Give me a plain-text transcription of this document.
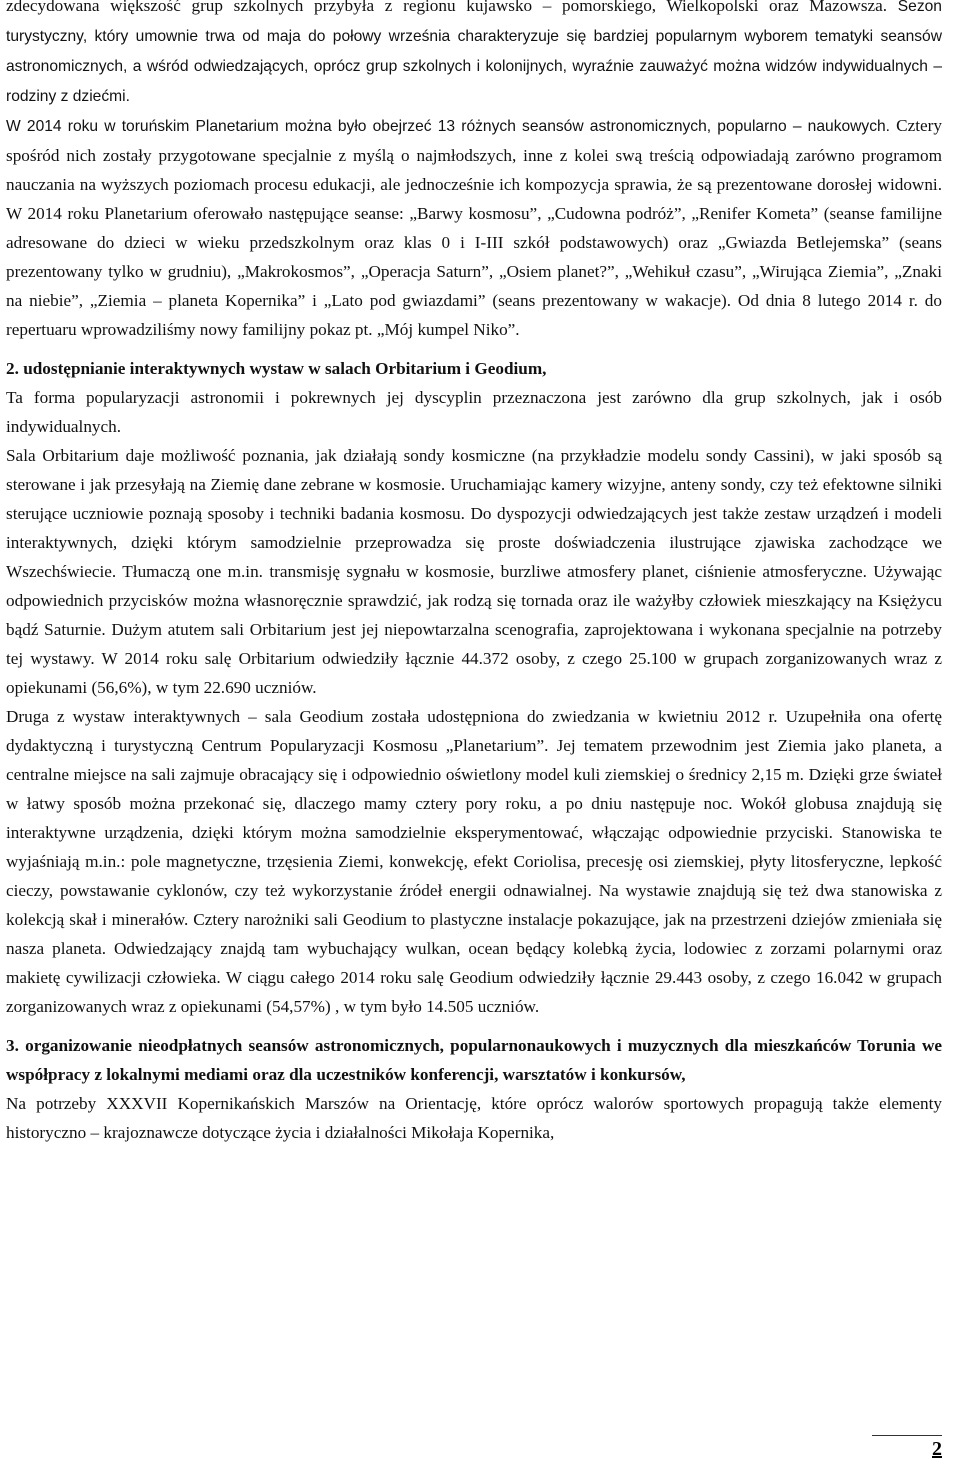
zdecydowana większość grup szkolnych przybyła z regionu kujawsko – pomorskiego, Wielkopolski oraz Mazowsza. Sezon turystyczny, który umownie trwa od maja do połowy września charakteryzuje się bardziej popularnym wyborem tematyki seansów astronomicznych, a wśród odwiedzających, oprócz grup szkolnych i kolonijnych, wyraźnie zauważyć można widzów indywidualnych – rodziny z dziećmi.

W 2014 roku w toruńskim Planetarium można było obejrzeć 13 różnych seansów astronomicznych, popularno – naukowych. Cztery spośród nich zostały przygotowane specjalnie z myślą o najmłodszych, inne z kolei swą treścią odpowiadają zarówno programom nauczania na wyższych poziomach procesu edukacji, ale jednocześnie ich kompozycja sprawia, że są prezentowane dorosłej widowni. W 2014 roku Planetarium oferowało następujące seanse: „Barwy kosmosu”, „Cudowna podróż”, „Renifer Kometa” (seanse familijne adresowane do dzieci w wieku przedszkolnym oraz klas 0 i I-III szkół podstawowych) oraz „Gwiazda Betlejemska” (seans prezentowany tylko w grudniu), „Makrokosmos”, „Operacja Saturn”, „Osiem planet?”, „Wehikuł czasu”, „Wirująca Ziemia”, „Znaki na niebie”, „Ziemia – planeta Kopernika” i „Lato pod gwiazdami” (seans prezentowany w wakacje). Od dnia 8 lutego 2014 r. do repertuaru wprowadziliśmy nowy familijny pokaz pt. „Mój kumpel Niko”.

2. udostępnianie interaktywnych wystaw w salach Orbitarium i Geodium,

Ta forma popularyzacji astronomii i pokrewnych jej dyscyplin przeznaczona jest zarówno dla grup szkolnych, jak i osób indywidualnych.

Sala Orbitarium daje możliwość poznania, jak działają sondy kosmiczne (na przykładzie modelu sondy Cassini), w jaki sposób są sterowane i jak przesyłają na Ziemię dane zebrane w kosmosie. Uruchamiając kamery wizyjne, anteny sondy, czy też efektowne silniki sterujące uczniowie poznają sposoby i techniki badania kosmosu. Do dyspozycji odwiedzających jest także zestaw urządzeń i modeli interaktywnych, dzięki którym samodzielnie przeprowadza się proste doświadczenia ilustrujące zjawiska zachodzące we Wszechświecie. Tłumaczą one m.in. transmisję sygnału w kosmosie, burzliwe atmosfery planet, ciśnienie atmosferyczne. Używając odpowiednich przycisków można własnoręcznie sprawdzić, jak rodzą się tornada oraz ile ważyłby człowiek mieszkający na Księżycu bądź Saturnie. Dużym atutem sali Orbitarium jest jej niepowtarzalna scenografia, zaprojektowana i wykonana specjalnie na potrzeby tej wystawy. W 2014 roku salę Orbitarium odwiedziły łącznie 44.372 osoby, z czego 25.100 w grupach zorganizowanych wraz z opiekunami (56,6%), w tym 22.690 uczniów.

Druga z wystaw interaktywnych – sala Geodium została udostępniona do zwiedzania w kwietniu 2012 r. Uzupełniła ona ofertę dydaktyczną i turystyczną Centrum Popularyzacji Kosmosu „Planetarium”. Jej tematem przewodnim jest Ziemia jako planeta, a centralne miejsce na sali zajmuje obracający się i odpowiednio oświetlony model kuli ziemskiej o średnicy 2,15 m. Dzięki grze świateł w łatwy sposób można przekonać się, dlaczego mamy cztery pory roku, a po dniu następuje noc. Wokół globusa znajdują się interaktywne urządzenia, dzięki którym można samodzielnie eksperymentować, włączając odpowiednie przyciski. Stanowiska te wyjaśniają m.in.: pole magnetyczne, trzęsienia Ziemi, konwekcję, efekt Coriolisa, precesję osi ziemskiej, płyty litosferyczne, lepkość cieczy, powstawanie cyklonów, czy też wykorzystanie źródeł energii odnawialnej. Na wystawie znajdują się też dwa stanowiska z kolekcją skał i minerałów. Cztery narożniki sali Geodium to plastyczne instalacje pokazujące, jak na przestrzeni dziejów zmieniała się nasza planeta. Odwiedzający znajdą tam wybuchający wulkan, ocean będący kolebką życia, lodowiec z zorzami polarnymi oraz makietę cywilizacji człowieka. W ciągu całego 2014 roku salę Geodium odwiedziły łącznie 29.443 osoby, z czego 16.042 w grupach zorganizowanych wraz z opiekunami (54,57%) , w tym było 14.505 uczniów.

3. organizowanie nieodpłatnych seansów astronomicznych, popularnonaukowych i muzycznych dla mieszkańców Torunia we współpracy z lokalnymi mediami oraz dla uczestników konferencji, warsztatów i konkursów,

Na potrzeby XXXVII Kopernikańskich Marszów na Orientację, które oprócz walorów sportowych propagują także elementy historyczno – krajoznawcze dotyczące życia i działalności Mikołaja Kopernika,

2
